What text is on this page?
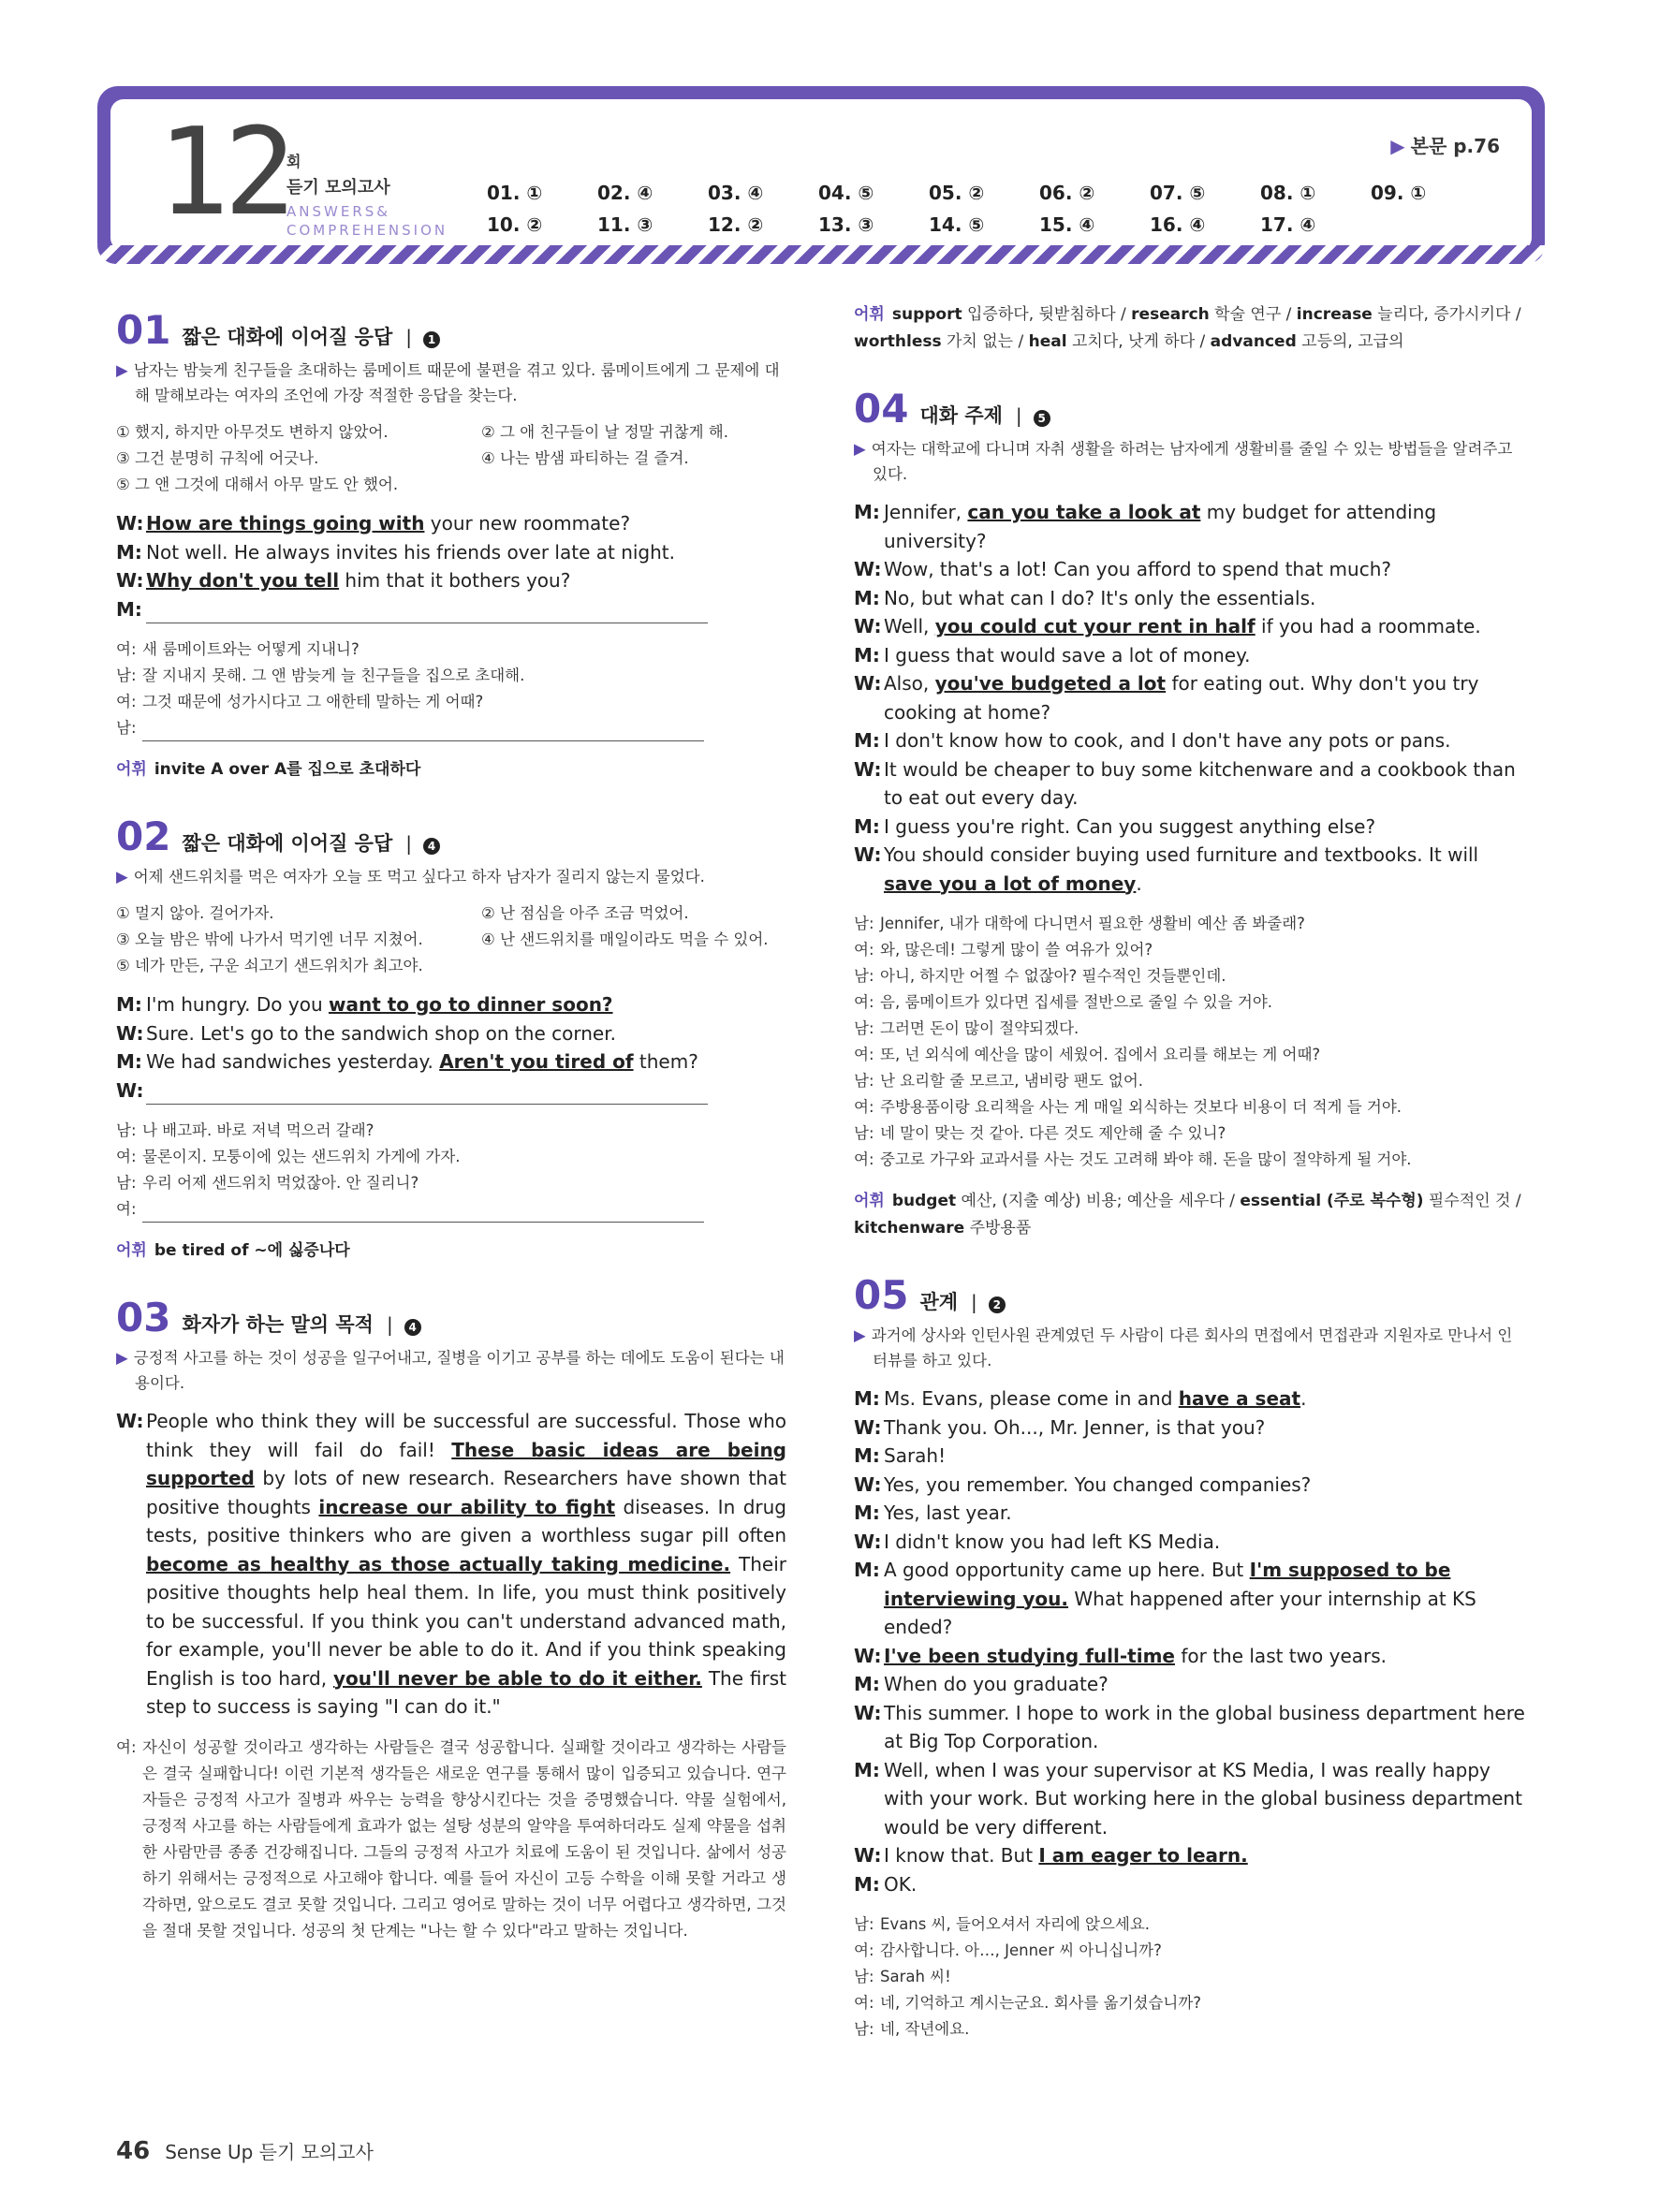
12
회
듣기 모의고사
ANSWERS&
COMPREHENSION
▶ 본문 p.76
01. ①	02. ④	03. ④	04. ⑤	05. ②	06. ②	07. ⑤	08. ①	09. ①
10. ②	11. ③	12. ②	13. ③	14. ⑤	15. ④	16. ④	17. ④
01 짧은 대화에 이어질 응답 |	1
▶ 남자는 밤늦게 친구들을 초대하는 룸메이트 때문에 불편을 겪고 있다. 룸메이트에게 그 문제에 대해 말해보라는 여자의 조언에 가장 적절한 응답을 찾는다.
① 했지, 하지만 아무것도 변하지 않았어.	② 그 애 친구들이 날 정말 귀찮게 해.
③ 그건 분명히 규칙에 어긋나.	④ 나는 밤샘 파티하는 걸 즐겨.
⑤ 그 앤 그것에 대해서 아무 말도 안 했어.
W: How are things going with your new roommate?
M: Not well. He always invites his friends over late at night.
W: Why don't you tell him that it bothers you?
M:
여: 새 룸메이트와는 어떻게 지내니?
남: 잘 지내지 못해. 그 앤 밤늦게 늘 친구들을 집으로 초대해.
여: 그것 때문에 성가시다고 그 애한테 말하는 게 어때?
남:
어휘 invite A over A를 집으로 초대하다
02 짧은 대화에 이어질 응답 |	4
▶ 어제 샌드위치를 먹은 여자가 오늘 또 먹고 싶다고 하자 남자가 질리지 않는지 물었다.
① 멀지 않아. 걸어가자.	② 난 점심을 아주 조금 먹었어.
③ 오늘 밤은 밖에 나가서 먹기엔 너무 지쳤어.	④ 난 샌드위치를 매일이라도 먹을 수 있어.
⑤ 네가 만든, 구운 쇠고기 샌드위치가 최고야.
M: I'm hungry. Do you want to go to dinner soon?
W: Sure. Let's go to the sandwich shop on the corner.
M: We had sandwiches yesterday. Aren't you tired of them?
W:
남: 나 배고파. 바로 저녁 먹으러 갈래?
여: 물론이지. 모퉁이에 있는 샌드위치 가게에 가자.
남: 우리 어제 샌드위치 먹었잖아. 안 질리니?
여:
어휘 be tired of ~에 싫증나다
03 화자가 하는 말의 목적 |	4
▶ 긍정적 사고를 하는 것이 성공을 일구어내고, 질병을 이기고 공부를 하는 데에도 도움이 된다는 내용이다.
W: People who think they will be successful are successful. Those who think they will fail do fail! These basic ideas are being supported by lots of new research. Researchers have shown that positive thoughts increase our ability to fight diseases. In drug tests, positive thinkers who are given a worthless sugar pill often become as healthy as those actually taking medicine. Their positive thoughts help heal them. In life, you must think positively to be successful. If you think you can't understand advanced math, for example, you'll never be able to do it. And if you think speaking English is too hard, you'll never be able to do it either. The first step to success is saying "I can do it."
여: 자신이 성공할 것이라고 생각하는 사람들은 결국 성공합니다. 실패할 것이라고 생각하는 사람들은 결국 실패합니다! 이런 기본적 생각들은 새로운 연구를 통해서 많이 입증되고 있습니다. 연구자들은 긍정적 사고가 질병과 싸우는 능력을 향상시킨다는 것을 증명했습니다. 약물 실험에서, 긍정적 사고를 하는 사람들에게 효과가 없는 설탕 성분의 알약을 투여하더라도 실제 약물을 섭취한 사람만큼 종종 건강해집니다. 그들의 긍정적 사고가 치료에 도움이 된 것입니다. 삶에서 성공하기 위해서는 긍정적으로 사고해야 합니다. 예를 들어 자신이 고등 수학을 이해 못할 거라고 생각하면, 앞으로도 결코 못할 것입니다. 그리고 영어로 말하는 것이 너무 어렵다고 생각하면, 그것을 절대 못할 것입니다. 성공의 첫 단계는 "나는 할 수 있다"라고 말하는 것입니다.
어휘 support 입증하다, 뒷받침하다 / research 학술 연구 / increase 늘리다, 증가시키다 / worthless 가치 없는 / heal 고치다, 낫게 하다 / advanced 고등의, 고급의
04 대화 주제 |	5
▶ 여자는 대학교에 다니며 자취 생활을 하려는 남자에게 생활비를 줄일 수 있는 방법들을 알려주고 있다.
M: Jennifer, can you take a look at my budget for attending university?
W: Wow, that's a lot! Can you afford to spend that much?
M: No, but what can I do? It's only the essentials.
W: Well, you could cut your rent in half if you had a roommate.
M: I guess that would save a lot of money.
W: Also, you've budgeted a lot for eating out. Why don't you try cooking at home?
M: I don't know how to cook, and I don't have any pots or pans.
W: It would be cheaper to buy some kitchenware and a cookbook than to eat out every day.
M: I guess you're right. Can you suggest anything else?
W: You should consider buying used furniture and textbooks. It will save you a lot of money.
남: Jennifer, 내가 대학에 다니면서 필요한 생활비 예산 좀 봐줄래?
여: 와, 많은데! 그렇게 많이 쓸 여유가 있어?
남: 아니, 하지만 어쩔 수 없잖아? 필수적인 것들뿐인데.
여: 음, 룸메이트가 있다면 집세를 절반으로 줄일 수 있을 거야.
남: 그러면 돈이 많이 절약되겠다.
여: 또, 넌 외식에 예산을 많이 세웠어. 집에서 요리를 해보는 게 어때?
남: 난 요리할 줄 모르고, 냄비랑 팬도 없어.
여: 주방용품이랑 요리책을 사는 게 매일 외식하는 것보다 비용이 더 적게 들 거야.
남: 네 말이 맞는 것 같아. 다른 것도 제안해 줄 수 있니?
여: 중고로 가구와 교과서를 사는 것도 고려해 봐야 해. 돈을 많이 절약하게 될 거야.
어휘 budget 예산, (지출 예상) 비용; 예산을 세우다 / essential (주로 복수형) 필수적인 것 / kitchenware 주방용품
05 관계 |	2
▶ 과거에 상사와 인턴사원 관계였던 두 사람이 다른 회사의 면접에서 면접관과 지원자로 만나서 인터뷰를 하고 있다.
M: Ms. Evans, please come in and have a seat.
W: Thank you. Oh..., Mr. Jenner, is that you?
M: Sarah!
W: Yes, you remember. You changed companies?
M: Yes, last year.
W: I didn't know you had left KS Media.
M: A good opportunity came up here. But I'm supposed to be interviewing you. What happened after your internship at KS ended?
W: I've been studying full-time for the last two years.
M: When do you graduate?
W: This summer. I hope to work in the global business department here at Big Top Corporation.
M: Well, when I was your supervisor at KS Media, I was really happy with your work. But working here in the global business department would be very different.
W: I know that. But I am eager to learn.
M: OK.
남: Evans 씨, 들어오셔서 자리에 앉으세요.
여: 감사합니다. 아…, Jenner 씨 아니십니까?
남: Sarah 씨!
여: 네, 기억하고 계시는군요. 회사를 옮기셨습니까?
남: 네, 작년에요.
46 Sense Up 듣기 모의고사
